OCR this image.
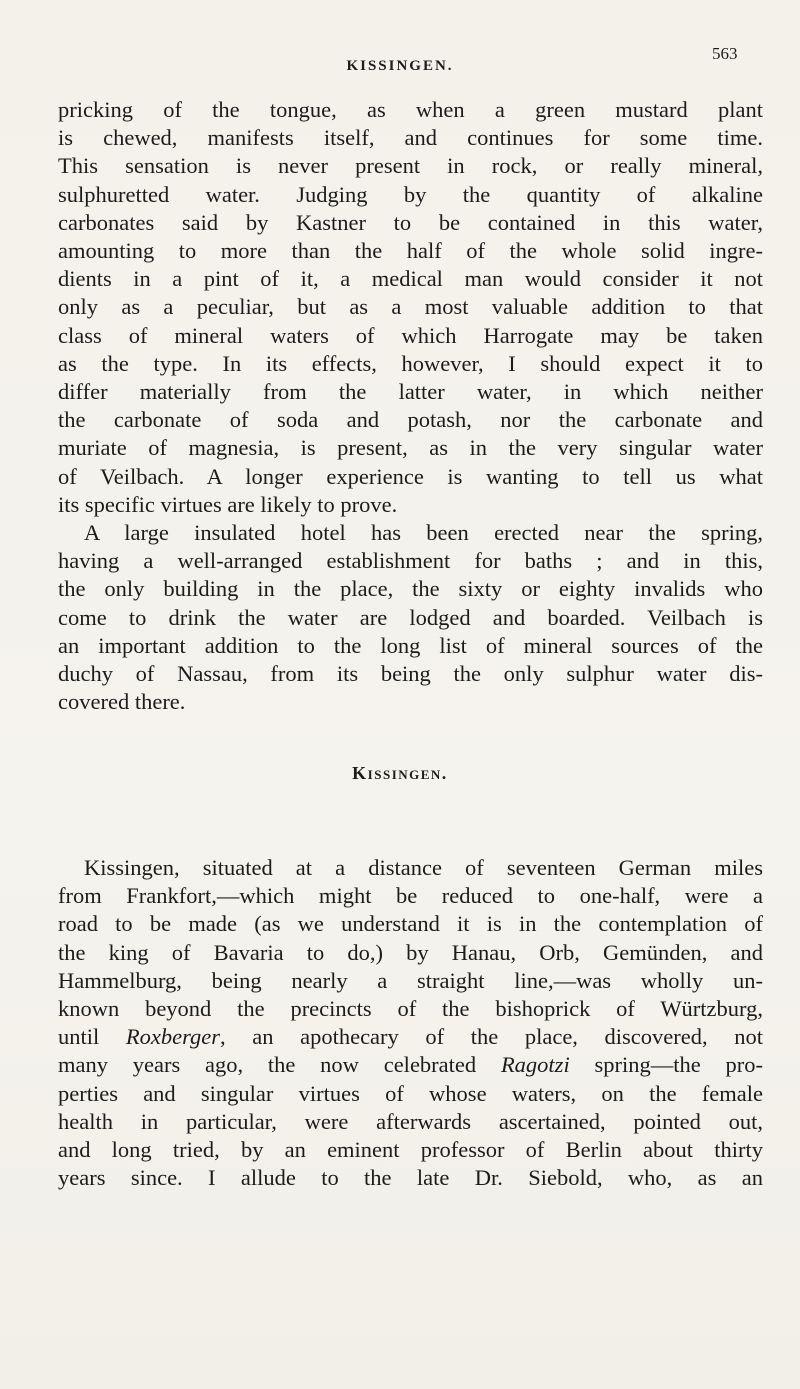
KISSINGEN.
563
pricking of the tongue, as when a green mustard plant
is chewed, manifests itself, and continues for some time.
This sensation is never present in rock, or really mineral,
sulphuretted water. Judging by the quantity of alkaline
carbonates said by Kastner to be contained in this water,
amounting to more than the half of the whole solid ingre-
dients in a pint of it, a medical man would consider it not
only as a peculiar, but as a most valuable addition to that
class of mineral waters of which Harrogate may be taken
as the type. In its effects, however, I should expect it to
differ materially from the latter water, in which neither
the carbonate of soda and potash, nor the carbonate and
muriate of magnesia, is present, as in the very singular water
of Veilbach. A longer experience is wanting to tell us what
its specific virtues are likely to prove.
A large insulated hotel has been erected near the spring,
having a well-arranged establishment for baths ; and in this,
the only building in the place, the sixty or eighty invalids who
come to drink the water are lodged and boarded. Veilbach is
an important addition to the long list of mineral sources of the
duchy of Nassau, from its being the only sulphur water dis-
covered there.
Kissingen.
Kissingen, situated at a distance of seventeen German miles
from Frankfort,—which might be reduced to one-half, were a
road to be made (as we understand it is in the contemplation of
the king of Bavaria to do,) by Hanau, Orb, Gemünden, and
Hammelburg, being nearly a straight line,—was wholly un-
known beyond the precincts of the bishoprick of Würtzburg,
until Roxberger, an apothecary of the place, discovered, not
many years ago, the now celebrated Ragotzi spring—the pro-
perties and singular virtues of whose waters, on the female
health in particular, were afterwards ascertained, pointed out,
and long tried, by an eminent professor of Berlin about thirty
years since. I allude to the late Dr. Siebold, who, as an
